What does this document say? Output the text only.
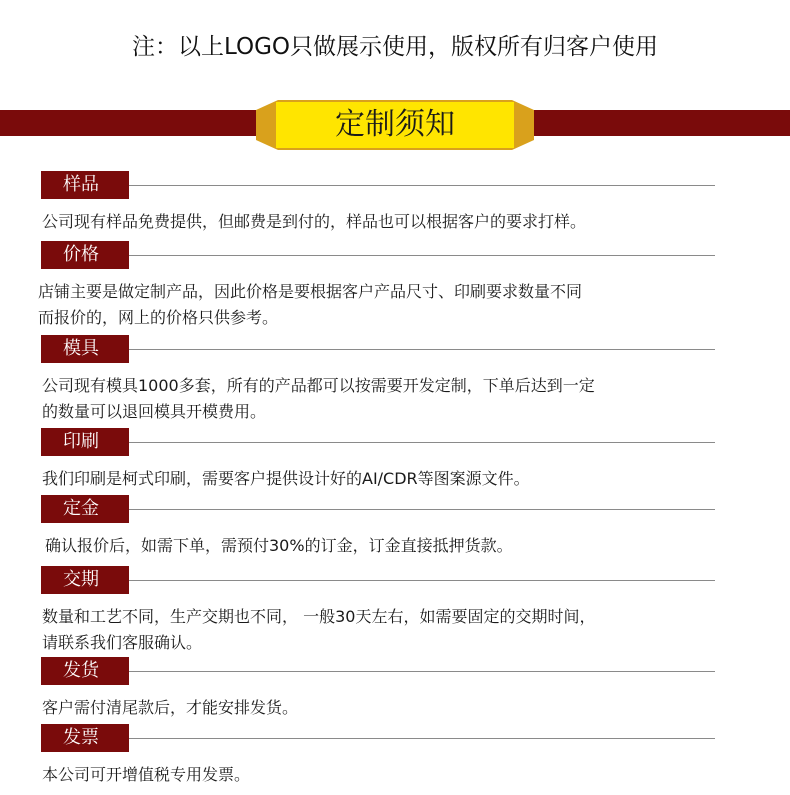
注：以上LOGO只做展示使用，版权所有归客户使用
定制须知
样品

公司现有样品免费提供，但邮费是到付的，样品也可以根据客户的要求打样。

价格

店铺主要是做定制产品，因此价格是要根据客户产品尺寸、印刷要求数量不同
而报价的，网上的价格只供参考。

模具

公司现有模具1000多套，所有的产品都可以按需要开发定制，下单后达到一定
的数量可以退回模具开模费用。

印刷

我们印刷是柯式印刷，需要客户提供设计好的AI/CDR等图案源文件。

定金

确认报价后，如需下单，需预付30%的订金，订金直接抵押货款。

交期

数量和工艺不同，生产交期也不同， 一般30天左右，如需要固定的交期时间，
请联系我们客服确认。

发货

客户需付清尾款后，才能安排发货。

发票

本公司可开增值税专用发票。
